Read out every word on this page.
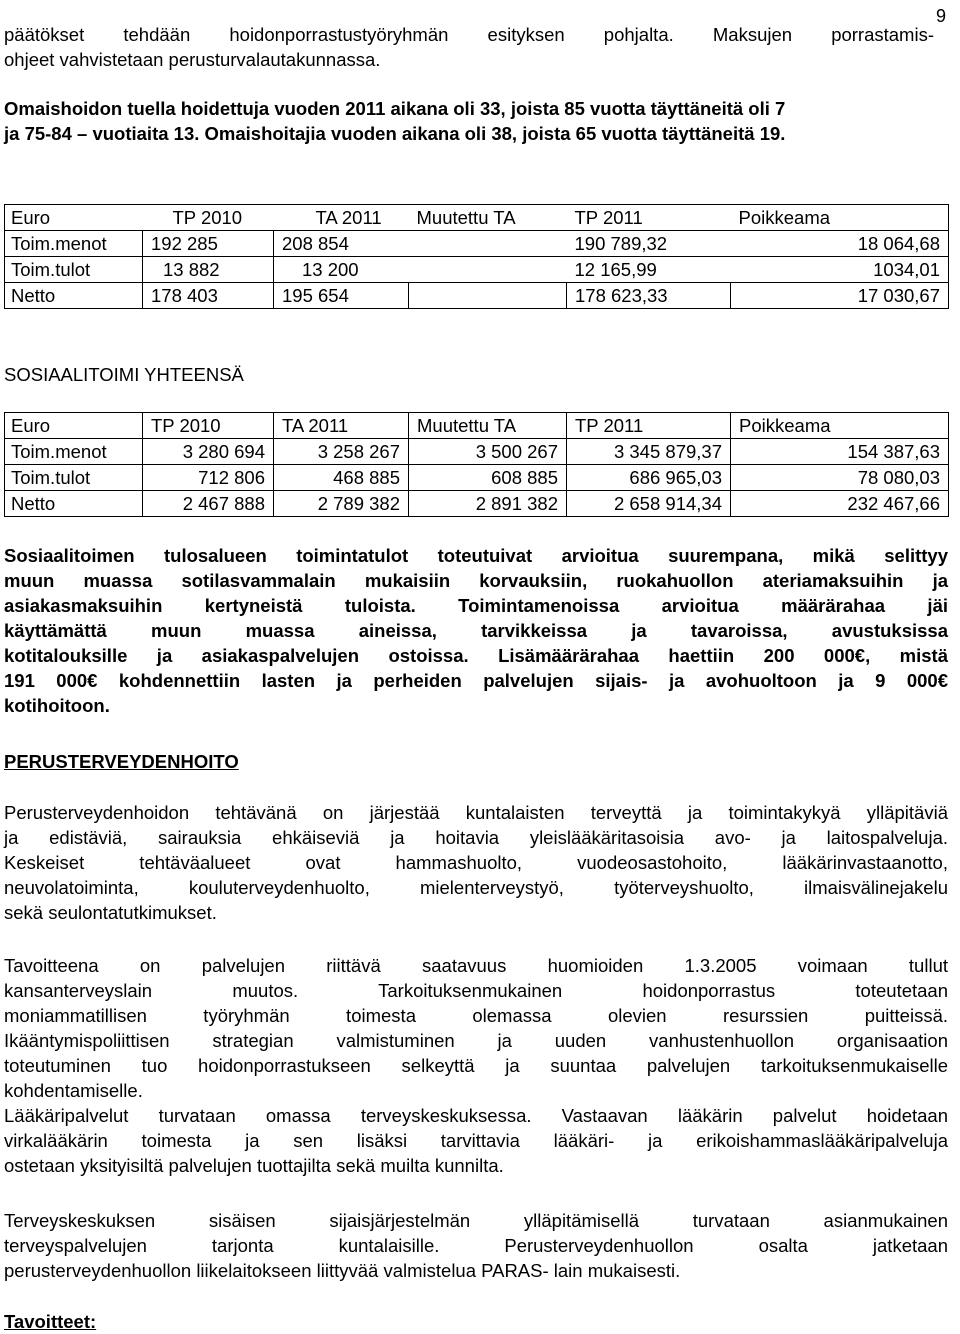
9

päätökset tehdään hoidonporrastustyöryhmän esityksen pohjalta. Maksujen porrastamis-

ohjeet vahvistetaan perusturvalautakunnassa.

Omaishoidon tuella hoidettuja vuoden 2011 aikana oli 33, joista 85 vuotta täyttäneitä oli 7

ja 75-84 – vuotiaita 13. Omaishoitajia vuoden aikana oli 38, joista 65 vuotta täyttäneitä 19.

Euro	TP 2010	TA 2011	Muutettu TA	TP 2011	Poikkeama
Toim.menot	192 285	208 854		190 789,32	18 064,68
Toim.tulot	13 882	13 200		12 165,99	1034,01
Netto	178 403	195 654		178 623,33	17 030,67

SOSIAALITOIMI YHTEENSÄ

Euro	TP 2010	TA 2011	Muutettu TA	TP 2011	Poikkeama
Toim.menot	3 280 694	3 258 267	3 500 267	3 345 879,37	154 387,63
Toim.tulot	712 806	468 885	608 885	686 965,03	78 080,03
Netto	2 467 888	2 789 382	2 891 382	2 658 914,34	232 467,66

Sosiaalitoimen tulosalueen toimintatulot toteutuivat arvioitua suurempana, mikä selittyy

muun muassa sotilasvammalain mukaisiin korvauksiin, ruokahuollon ateriamaksuihin ja

asiakasmaksuihin kertyneistä tuloista. Toimintamenoissa arvioitua määrärahaa jäi

käyttämättä muun muassa aineissa, tarvikkeissa ja tavaroissa, avustuksissa

kotitalouksille ja asiakaspalvelujen ostoissa. Lisämäärärahaa haettiin 200 000€, mistä

191 000€ kohdennettiin lasten ja perheiden palvelujen sijais- ja avohuoltoon ja 9 000€

kotihoitoon.

PERUSTERVEYDENHOITO

Perusterveydenhoidon tehtävänä on järjestää kuntalaisten terveyttä ja toimintakykyä ylläpitäviä

ja edistäviä, sairauksia ehkäiseviä ja hoitavia yleislääkäritasoisia avo- ja laitospalveluja.

Keskeiset tehtäväalueet ovat hammashuolto, vuodeosastohoito, lääkärinvastaanotto,

neuvolatoiminta, kouluterveydenhuolto, mielenterveystyö, työterveyshuolto, ilmaisvälinejakelu

sekä seulontatutkimukset.

Tavoitteena on palvelujen riittävä saatavuus huomioiden 1.3.2005 voimaan tullut

kansanterveyslain muutos. Tarkoituksenmukainen hoidonporrastus toteutetaan

moniammatillisen työryhmän toimesta olemassa olevien resurssien puitteissä.

Ikääntymispoliittisen strategian valmistuminen ja uuden vanhustenhuollon organisaation

toteutuminen tuo hoidonporrastukseen selkeyttä ja suuntaa palvelujen tarkoituksenmukaiselle

kohdentamiselle.

Lääkäripalvelut turvataan omassa terveyskeskuksessa. Vastaavan lääkärin palvelut hoidetaan

virkalääkärin toimesta ja sen lisäksi tarvittavia lääkäri- ja erikoishammaslääkäripalveluja

ostetaan yksityisiltä palvelujen tuottajilta sekä muilta kunnilta.

Terveyskeskuksen sisäisen sijaisjärjestelmän ylläpitämisellä turvataan asianmukainen

terveyspalvelujen tarjonta kuntalaisille. Perusterveydenhuollon osalta jatketaan

perusterveydenhuollon liikelaitokseen liittyvää valmistelua PARAS- lain mukaisesti.

Tavoitteet:
